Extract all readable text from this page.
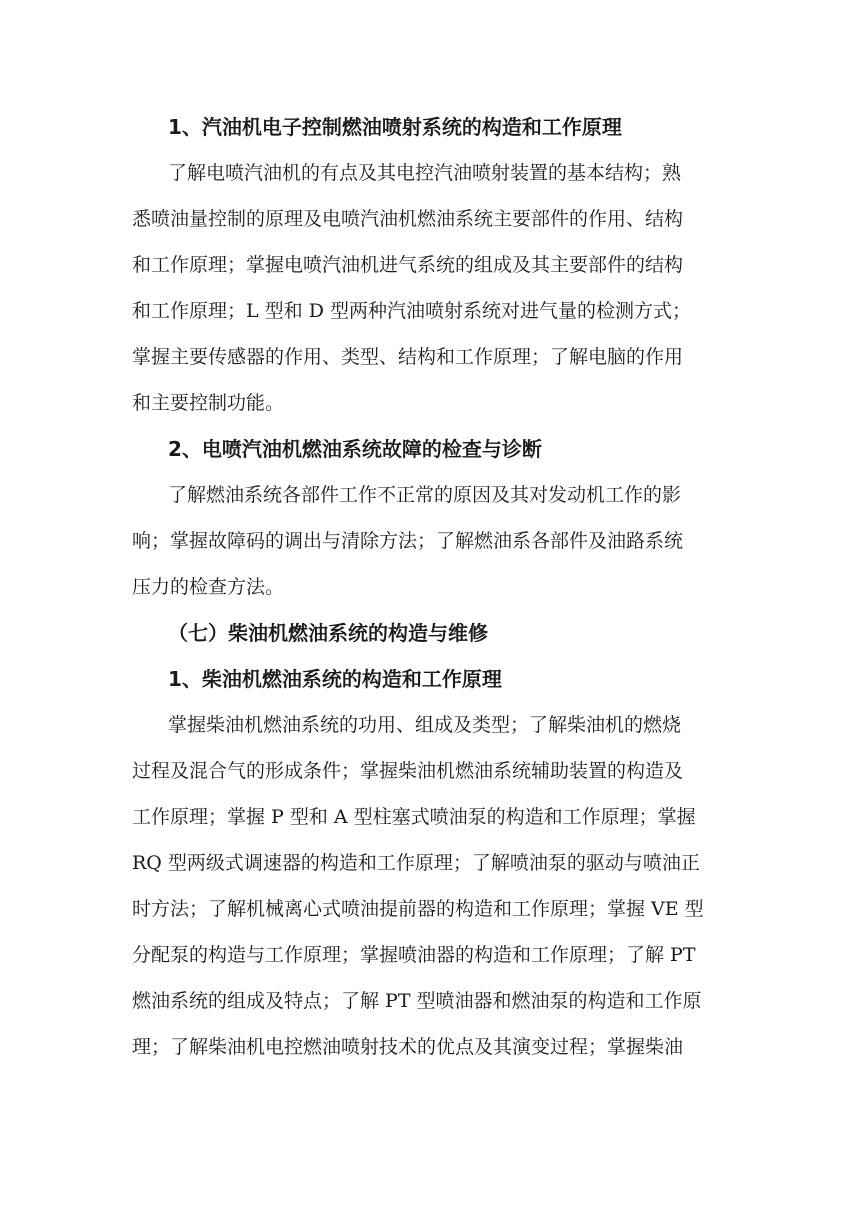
1、汽油机电子控制燃油喷射系统的构造和工作原理
了解电喷汽油机的有点及其电控汽油喷射装置的基本结构；熟
悉喷油量控制的原理及电喷汽油机燃油系统主要部件的作用、结构
和工作原理；掌握电喷汽油机进气系统的组成及其主要部件的结构
和工作原理；L 型和 D 型两种汽油喷射系统对进气量的检测方式；
掌握主要传感器的作用、类型、结构和工作原理；了解电脑的作用
和主要控制功能。
2、电喷汽油机燃油系统故障的检查与诊断
了解燃油系统各部件工作不正常的原因及其对发动机工作的影
响；掌握故障码的调出与清除方法；了解燃油系各部件及油路系统
压力的检查方法。
（七）柴油机燃油系统的构造与维修
1、柴油机燃油系统的构造和工作原理
掌握柴油机燃油系统的功用、组成及类型；了解柴油机的燃烧
过程及混合气的形成条件；掌握柴油机燃油系统辅助装置的构造及
工作原理；掌握 P 型和 A 型柱塞式喷油泵的构造和工作原理；掌握
RQ 型两级式调速器的构造和工作原理；了解喷油泵的驱动与喷油正
时方法；了解机械离心式喷油提前器的构造和工作原理；掌握 VE 型
分配泵的构造与工作原理；掌握喷油器的构造和工作原理；了解 PT
燃油系统的组成及特点；了解 PT 型喷油器和燃油泵的构造和工作原
理；了解柴油机电控燃油喷射技术的优点及其演变过程；掌握柴油
